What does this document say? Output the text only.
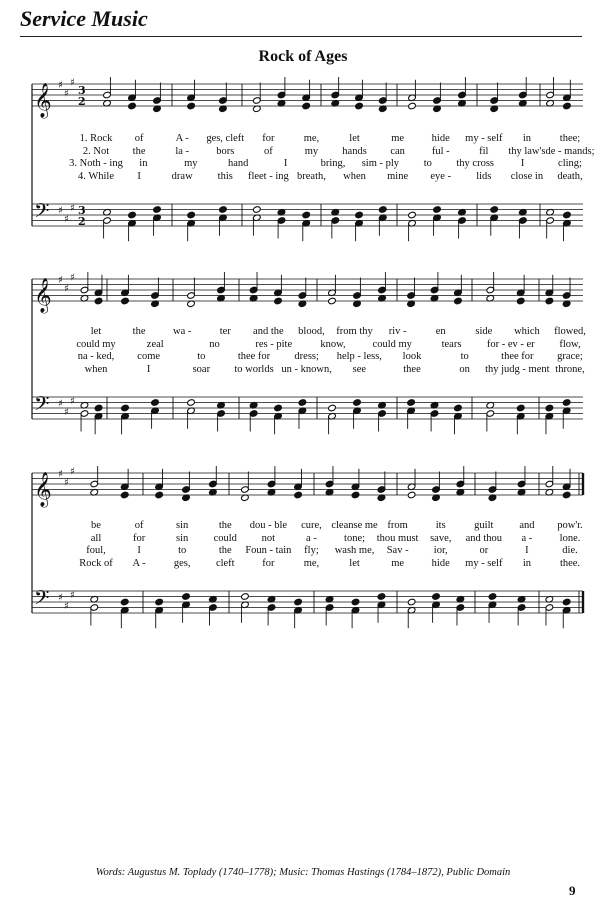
Service Music
Rock of Ages
𝄞
𝄢
♯
♯
♯
♯
♯
♯
3
2
3
2
𝄞
𝄢
♯
♯
♯
♯
♯
♯
𝄞
𝄢
♯
♯
♯
♯
♯
♯
1. Rock of	A - ges, cleft for	me,	let	me	hide my - self in	thee;
2. Not the	la -	bors	of	my hands can	ful -	fil thy law's de - mands;
3. Noth - ing in	my	hand	I	bring, sim - ply to thy cross	I	cling;
4. While I	draw this fleet - ing breath, when mine eye - lids close in death,
let	the	wa -	ter and the blood, from thy riv -	en	side which flowed,
could my	zeal	no	res - pite	know,	could my	tears for - ev - er flow,
na - ked, come	to	thee for dress; help - less, look	to	thee for grace;
when	I	soar to worlds un - known, see	thee	on thy judg - ment throne,
be	of	sin	the dou - ble cure, cleanse me from	its	guilt and pow'r.
all	for	sin could not	a -	tone; thou must save, and thou a -	lone.
foul,	I	to	the Foun - tain fly; wash me, Sav - ior,	or	I	die.
Rock of A -	ges, cleft	for	me,	let	me	hide my - self in	thee.
Words: Augustus M. Toplady (1740–1778); Music: Thomas Hastings (1784–1872), Public Domain
9
